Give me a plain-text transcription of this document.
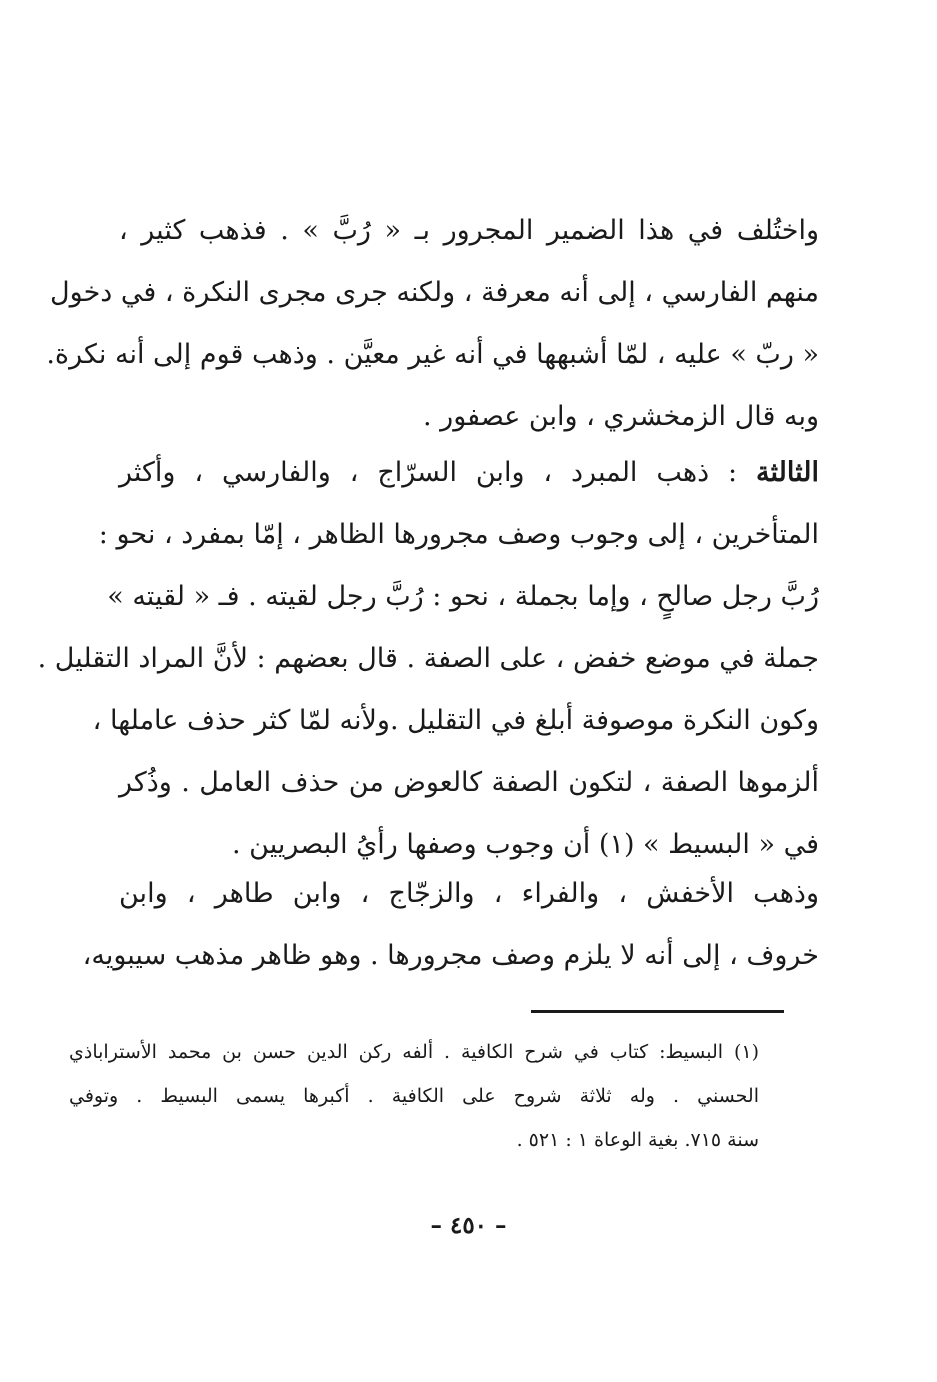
واختُلف في هذا الضمير المجرور بـ « رُبَّ » . فذهب كثير ،
منهم الفارسي ، إلى أنه معرفة ، ولكنه جرى مجرى النكرة ، في دخول
« ربّ » عليه ، لمّا أشبهها في أنه غير معيَّن . وذهب قوم إلى أنه نكرة.
وبه قال الزمخشري ، وابن عصفور .
الثالثة : ذهب المبرد ، وابن السرّاج ، والفارسي ، وأكثر
المتأخرين ، إلى وجوب وصف مجرورها الظاهر ، إمّا بمفرد ، نحو :
رُبَّ رجل صالحٍ ، وإما بجملة ، نحو : رُبَّ رجل لقيته . فـ « لقيته »
جملة في موضع خفض ، على الصفة . قال بعضهم : لأنَّ المراد التقليل .
وكون النكرة موصوفة أبلغ في التقليل .ولأنه لمّا كثر حذف عاملها ،
ألزموها الصفة ، لتكون الصفة كالعوض من حذف العامل . وذُكر
في « البسيط » (١) أن وجوب وصفها رأيُ البصريين .
وذهب الأخفش ، والفراء ، والزجّاج ، وابن طاهر ، وابن
خروف ، إلى أنه لا يلزم وصف مجرورها . وهو ظاهر مذهب سيبويه،
(١) البسيط: كتاب في شرح الكافية . ألفه ركن الدين حسن بن محمد الأستراباذي
الحسني . وله ثلاثة شروح على الكافية . أكبرها يسمى البسيط . وتوفي
سنة ٧١٥. بغية الوعاة ١ : ٥٢١ .
– ٤٥٠ –
